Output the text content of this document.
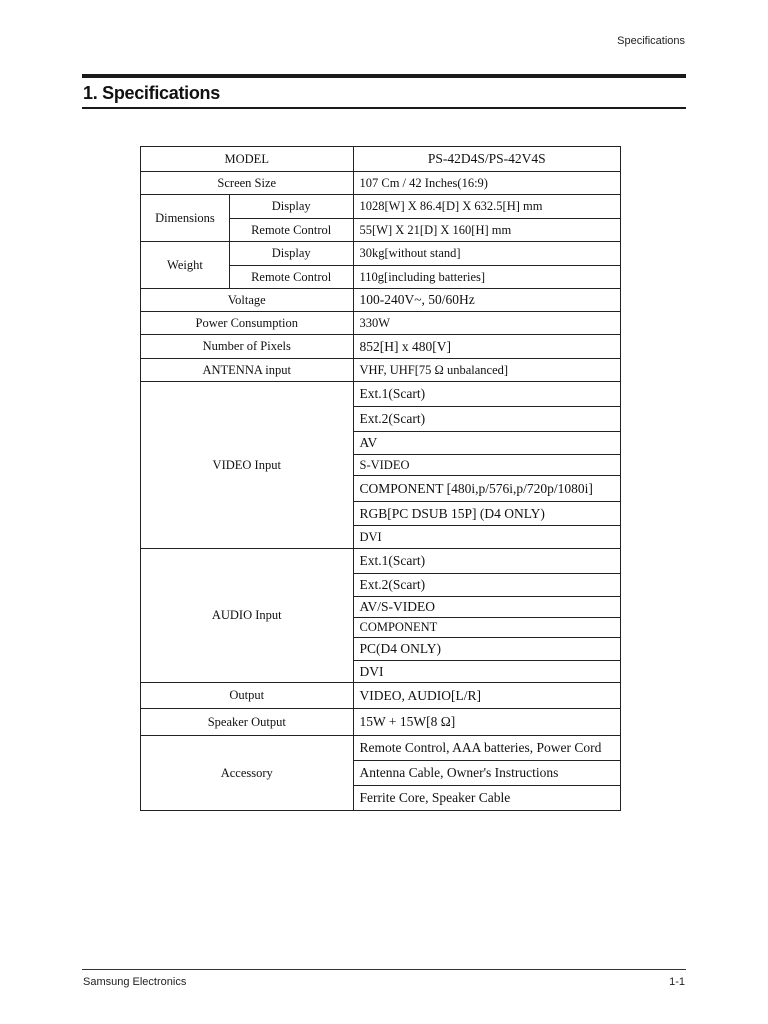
Specifications
1. Specifications
MODEL		PS-42D4S/PS-42V4S
Screen Size		107 Cm / 42 Inches(16:9)
Dimensions	Display	1028[W] X 86.4[D] X 632.5[H] mm
	Remote Control	55[W] X 21[D] X 160[H] mm
Weight	Display	30kg[without stand]
	Remote Control	110g[including batteries]
Voltage		100-240V~, 50/60Hz
Power Consumption		330W
Number of Pixels		852[H] x 480[V]
ANTENNA input		VHF, UHF[75 Ω unbalanced]
VIDEO Input		Ext.1(Scart)
		Ext.2(Scart)
		AV
		S-VIDEO
		COMPONENT [480i,p/576i,p/720p/1080i]
		RGB[PC DSUB 15P] (D4 ONLY)
		DVI
AUDIO Input		Ext.1(Scart)
		Ext.2(Scart)
		AV/S-VIDEO
		COMPONENT
		PC(D4 ONLY)
		DVI
Output		VIDEO, AUDIO[L/R]
Speaker Output		15W + 15W[8 Ω]
Accessory		Remote Control, AAA batteries, Power Cord
		Antenna Cable, Owner's Instructions
		Ferrite Core, Speaker Cable
Samsung Electronics	1-1
